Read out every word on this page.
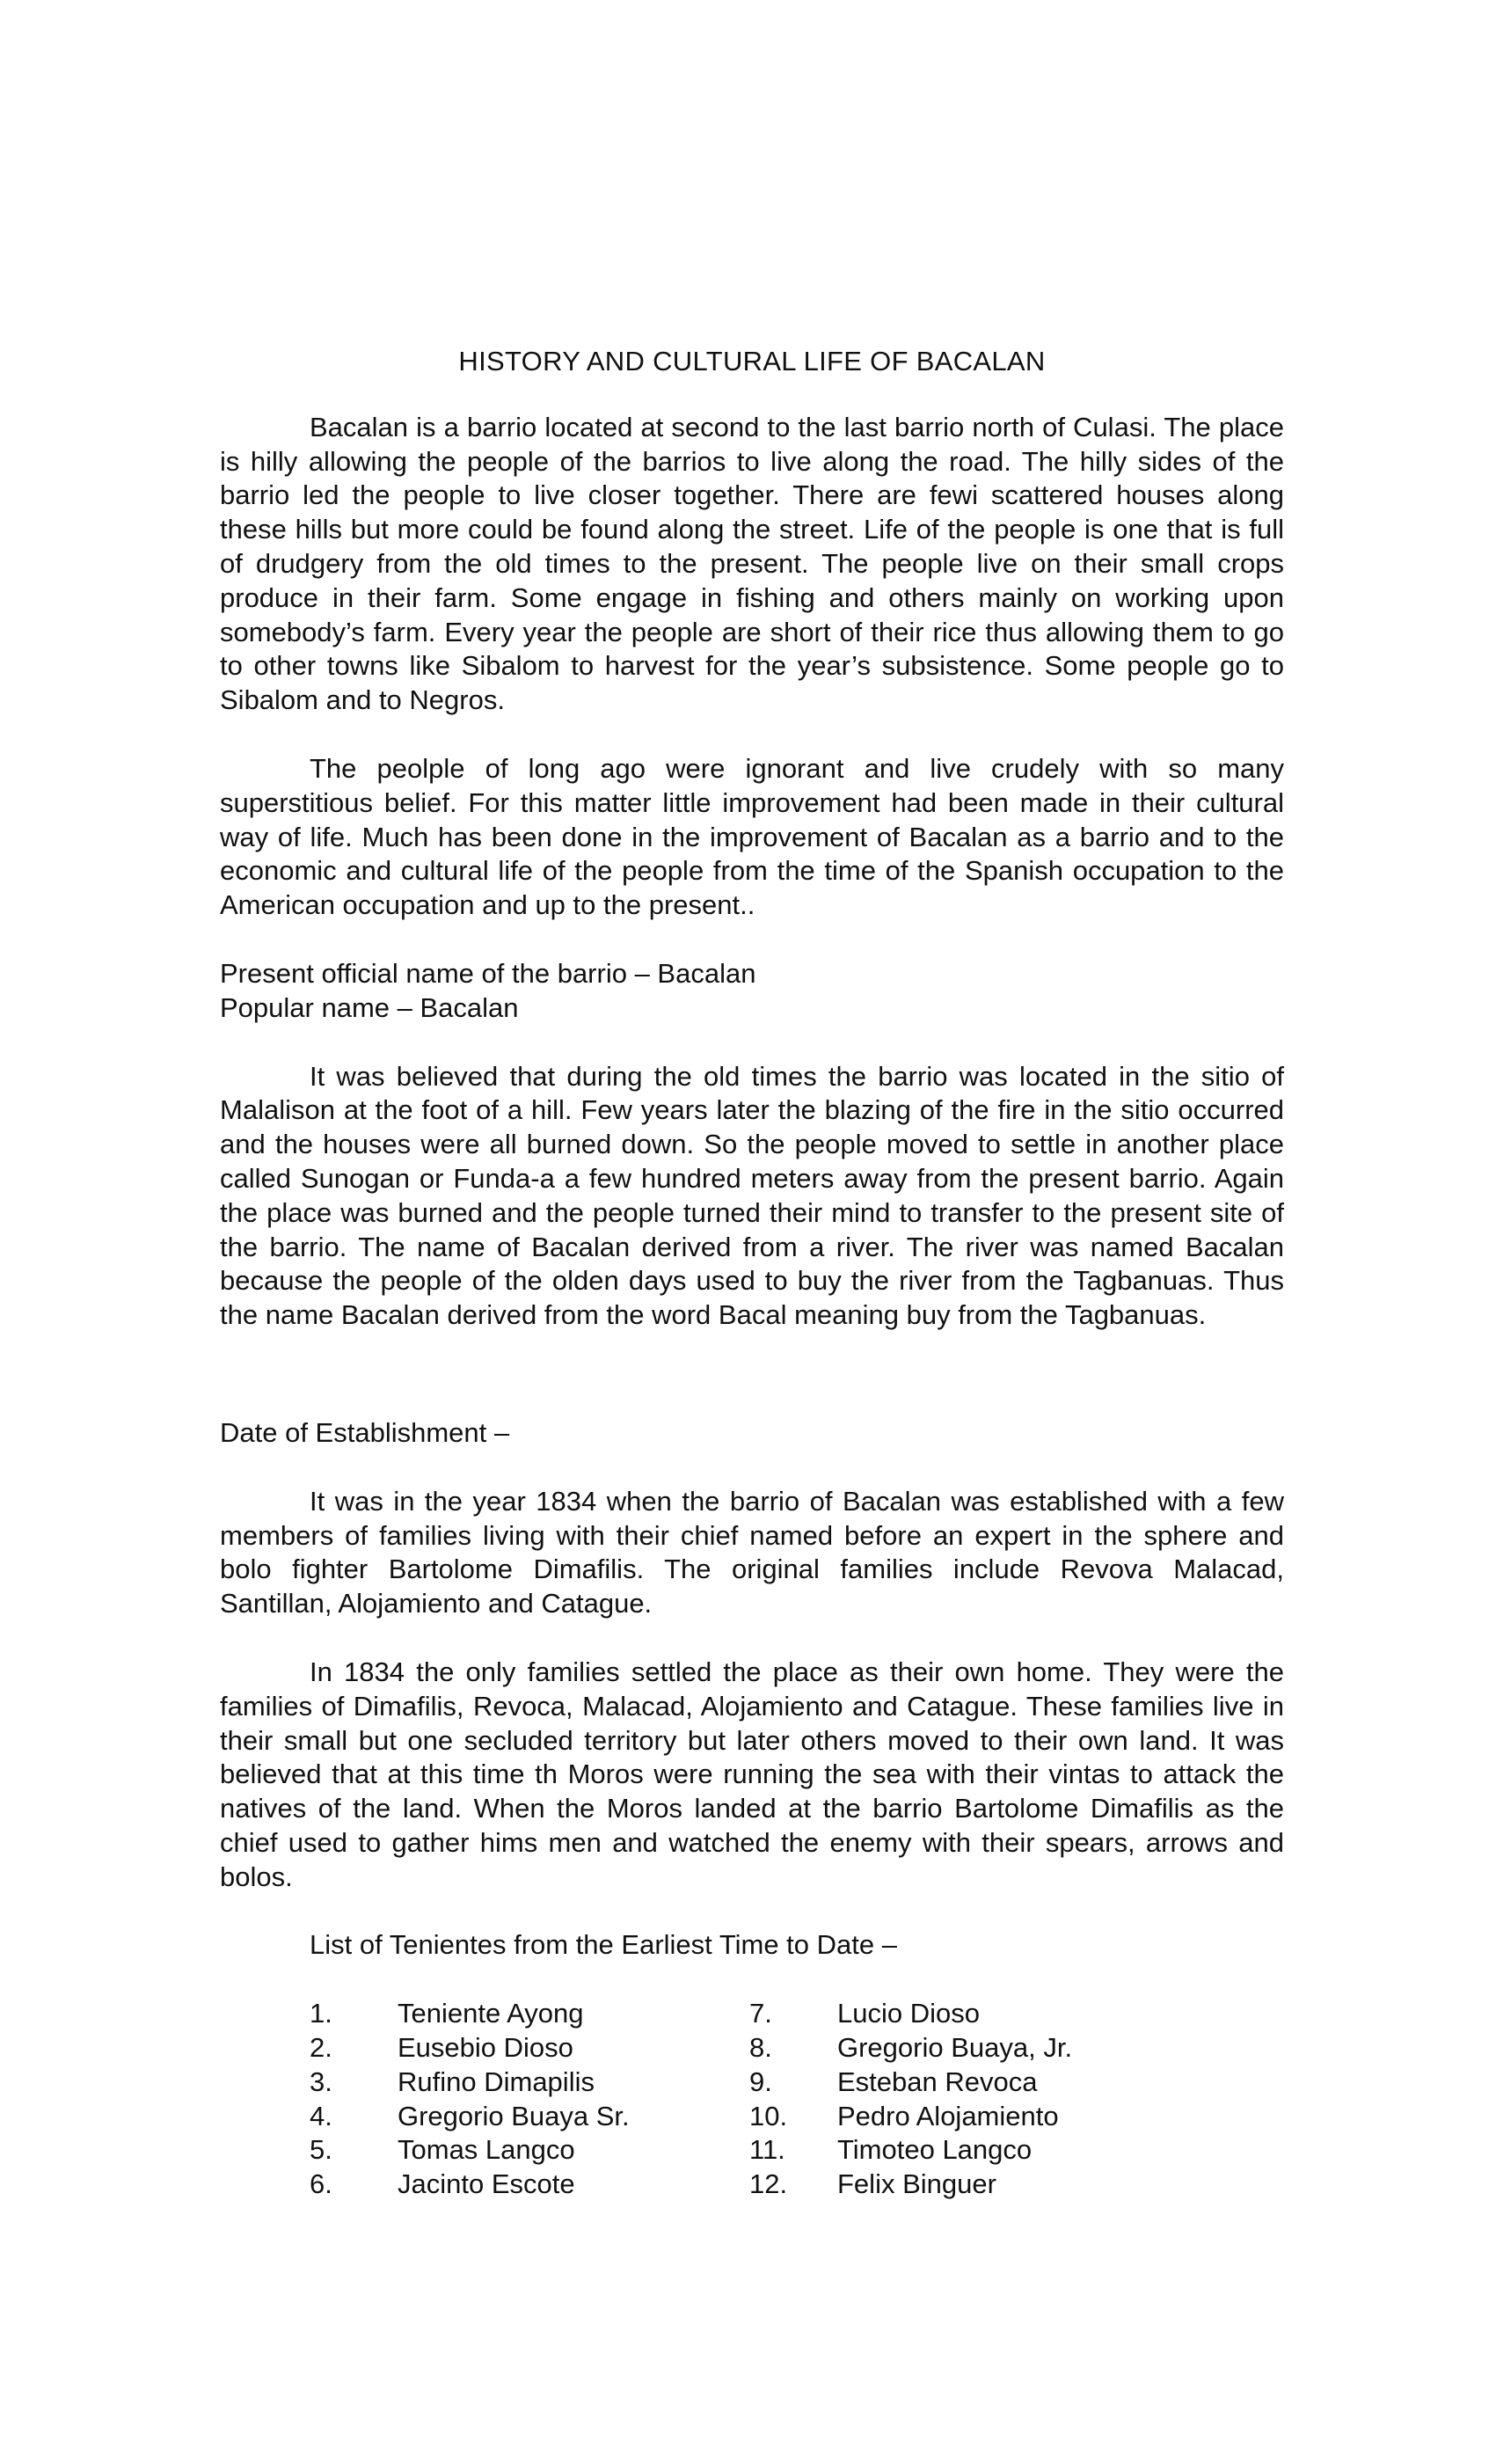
HISTORY AND CULTURAL LIFE OF BACALAN

Bacalan is a barrio located at second to the last barrio north of Culasi. The place is hilly allowing the people of the barrios to live along the road. The hilly sides of the barrio led the people to live closer together. There are fewi scattered houses along these hills but more could be found along the street. Life of the people is one that is full of drudgery from the old times to the present. The people live on their small crops produce in their farm. Some engage in fishing and others mainly on working upon somebody’s farm. Every year the people are short of their rice thus allowing them to go to other towns like Sibalom to harvest for the year’s subsistence. Some people go to Sibalom and to Negros.

The peolple of long ago were ignorant and live crudely with so many superstitious belief. For this matter little improvement had been made in their cultural way of life. Much has been done in the improvement of Bacalan as a barrio and to the economic and cultural life of the people from the time of the Spanish occupation to the American occupation and up to the present..

Present official name of the barrio – Bacalan

Popular name – Bacalan

It was believed that during the old times the barrio was located in the sitio of Malalison at the foot of a hill. Few years later the blazing of the fire in the sitio occurred and the houses were all burned down. So the people moved to settle in another place called Sunogan or Funda-a a few hundred meters away from the present barrio. Again the place was burned and the people turned their mind to transfer to the present site of the barrio. The name of Bacalan derived from a river. The river was named Bacalan because the people of the olden days used to buy the river from the Tagbanuas. Thus the name Bacalan derived from the word Bacal meaning buy from the Tagbanuas.

Date of Establishment –

It was in the year 1834 when the barrio of Bacalan was established with a few members of families living with their chief named before an expert in the sphere and bolo fighter Bartolome Dimafilis. The original families include Revova Malacad, Santillan, Alojamiento and Catague.

In 1834 the only families settled the place as their own home. They were the families of Dimafilis, Revoca, Malacad, Alojamiento and Catague. These families live in their small but one secluded territory but later others moved to their own land. It was believed that at this time th Moros were running the sea with their vintas to attack the natives of the land. When the Moros landed at the barrio Bartolome Dimafilis as the chief used to gather hims men and watched the enemy with their spears, arrows and bolos.

List of Tenientes from the Earliest Time to Date –

1.	Teniente Ayong
2.	Eusebio Dioso
3.	Rufino Dimapilis
4.	Gregorio Buaya Sr.
5.	Tomas Langco
6.	Jacinto Escote
7.	Lucio Dioso
8.	Gregorio Buaya, Jr.
9.	Esteban Revoca
10.	Pedro Alojamiento
11.	Timoteo Langco
12.	Felix Binguer
